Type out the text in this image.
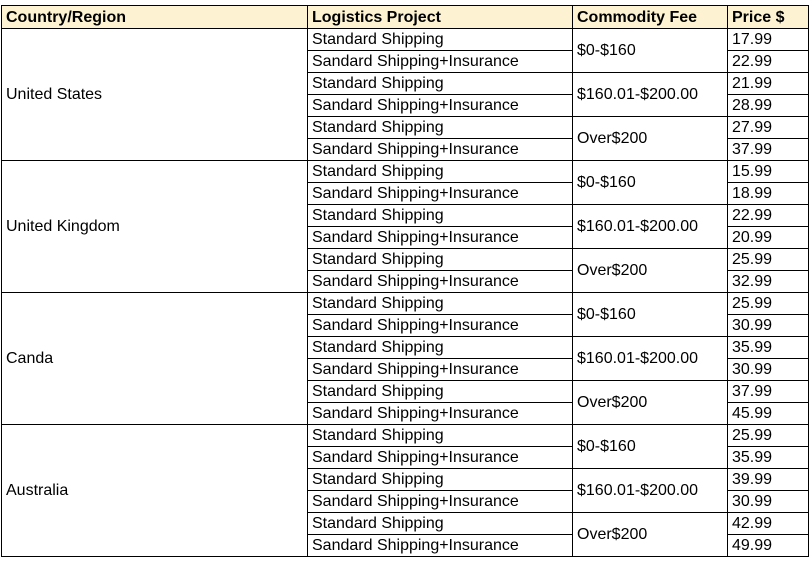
Country/Region	Logistics Project	Commodity Fee	Price $
United States	Standard Shipping	$0-$160	17.99
	Sandard Shipping+Insurance		22.99
	Standard Shipping	$160.01-$200.00	21.99
	Sandard Shipping+Insurance		28.99
	Standard Shipping	Over$200	27.99
	Sandard Shipping+Insurance		37.99
United Kingdom	Standard Shipping	$0-$160	15.99
	Sandard Shipping+Insurance		18.99
	Standard Shipping	$160.01-$200.00	22.99
	Sandard Shipping+Insurance		20.99
	Standard Shipping	Over$200	25.99
	Sandard Shipping+Insurance		32.99
Canda	Standard Shipping	$0-$160	25.99
	Sandard Shipping+Insurance		30.99
	Standard Shipping	$160.01-$200.00	35.99
	Sandard Shipping+Insurance		30.99
	Standard Shipping	Over$200	37.99
	Sandard Shipping+Insurance		45.99
Australia	Standard Shipping	$0-$160	25.99
	Sandard Shipping+Insurance		35.99
	Standard Shipping	$160.01-$200.00	39.99
	Sandard Shipping+Insurance		30.99
	Standard Shipping	Over$200	42.99
	Sandard Shipping+Insurance		49.99
